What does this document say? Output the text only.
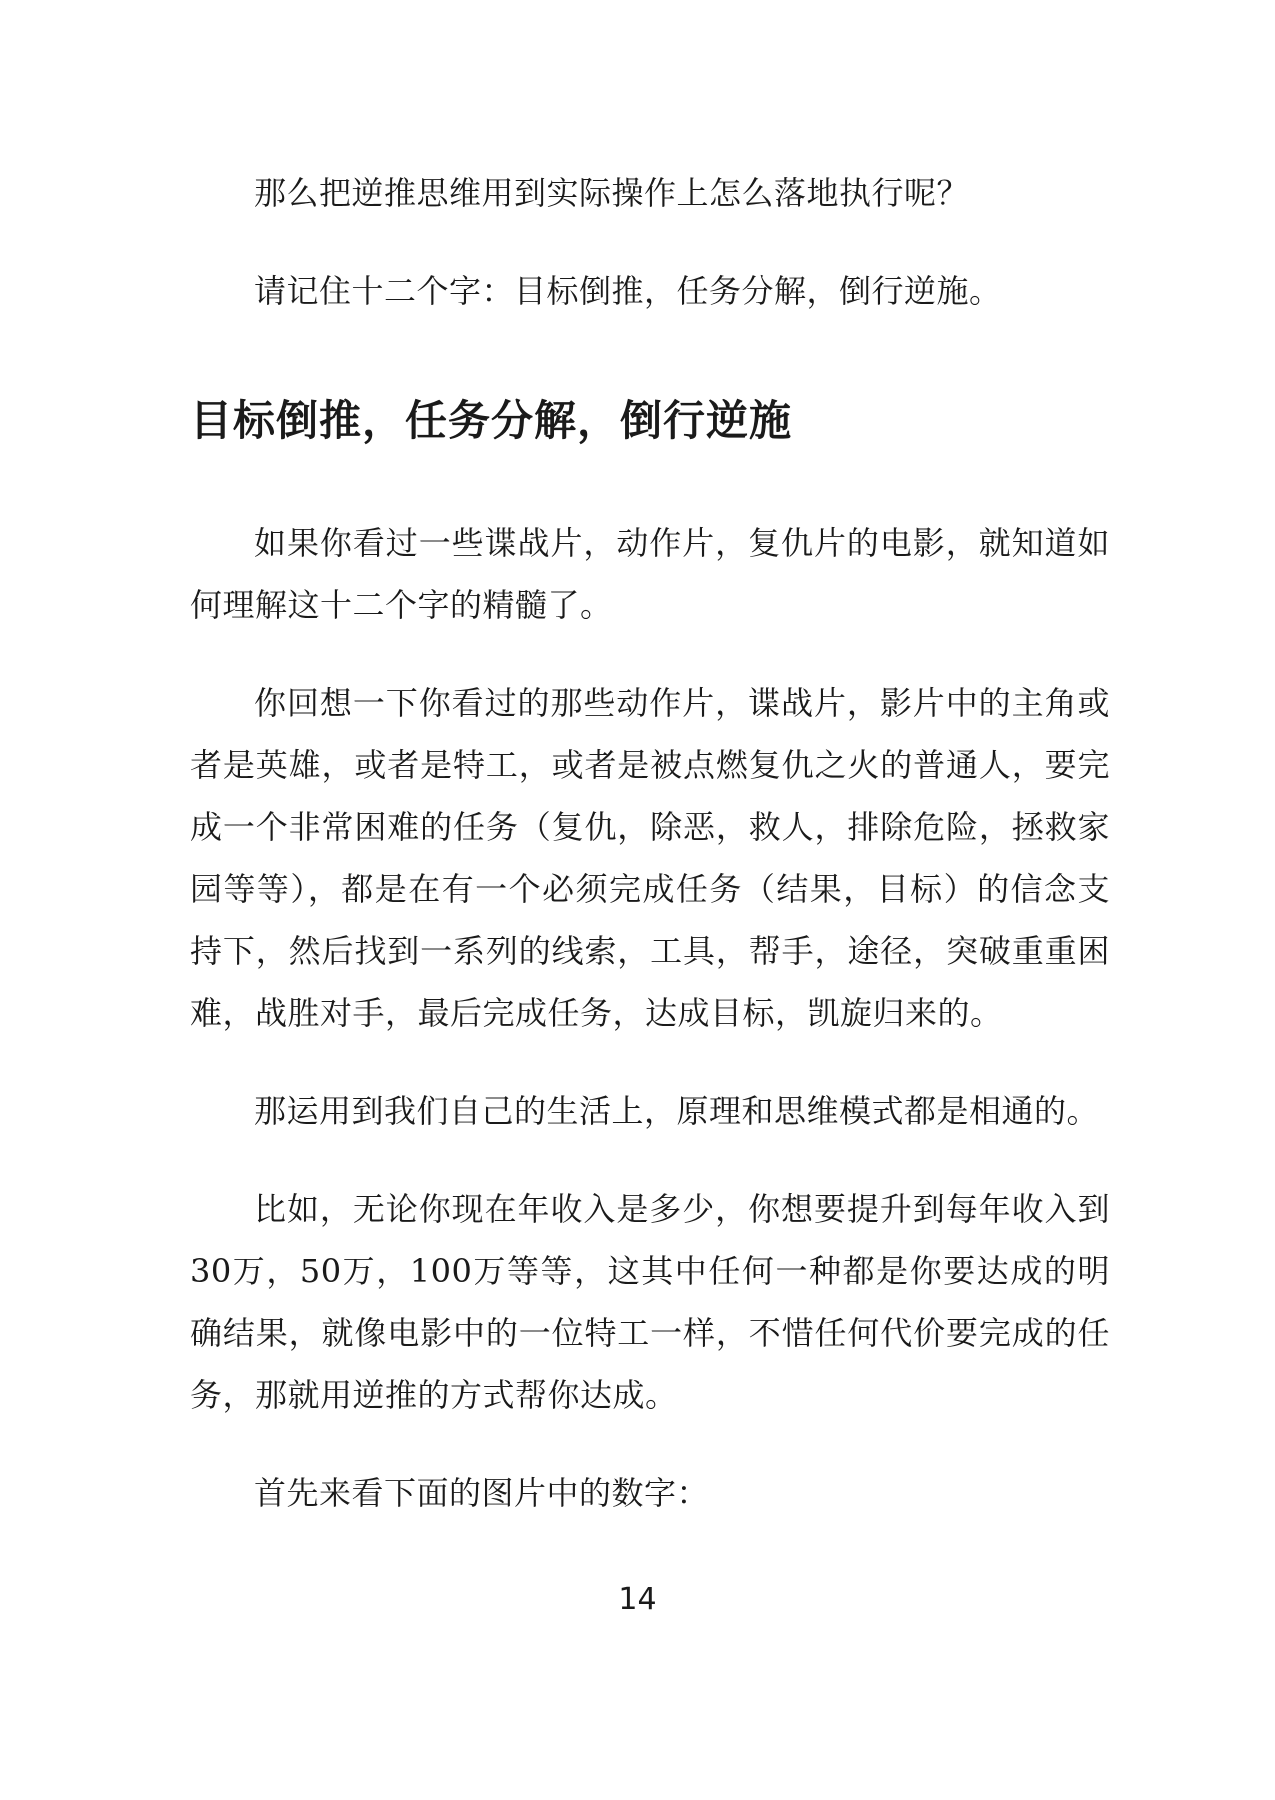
那么把逆推思维用到实际操作上怎么落地执行呢？

请记住十二个字：目标倒推，任务分解，倒行逆施。

目标倒推，任务分解，倒行逆施

如果你看过一些谍战片，动作片，复仇片的电影，就知道如何理解这十二个字的精髓了。

你回想一下你看过的那些动作片，谍战片，影片中的主角或者是英雄，或者是特工，或者是被点燃复仇之火的普通人，要完成一个非常困难的任务（复仇，除恶，救人，排除危险，拯救家园等等），都是在有一个必须完成任务（结果，目标）的信念支持下，然后找到一系列的线索，工具，帮手，途径，突破重重困难，战胜对手，最后完成任务，达成目标，凯旋归来的。

那运用到我们自己的生活上，原理和思维模式都是相通的。

比如，无论你现在年收入是多少，你想要提升到每年收入到30万，50万，100万等等，这其中任何一种都是你要达成的明确结果，就像电影中的一位特工一样，不惜任何代价要完成的任务，那就用逆推的方式帮你达成。

首先来看下面的图片中的数字：

14
